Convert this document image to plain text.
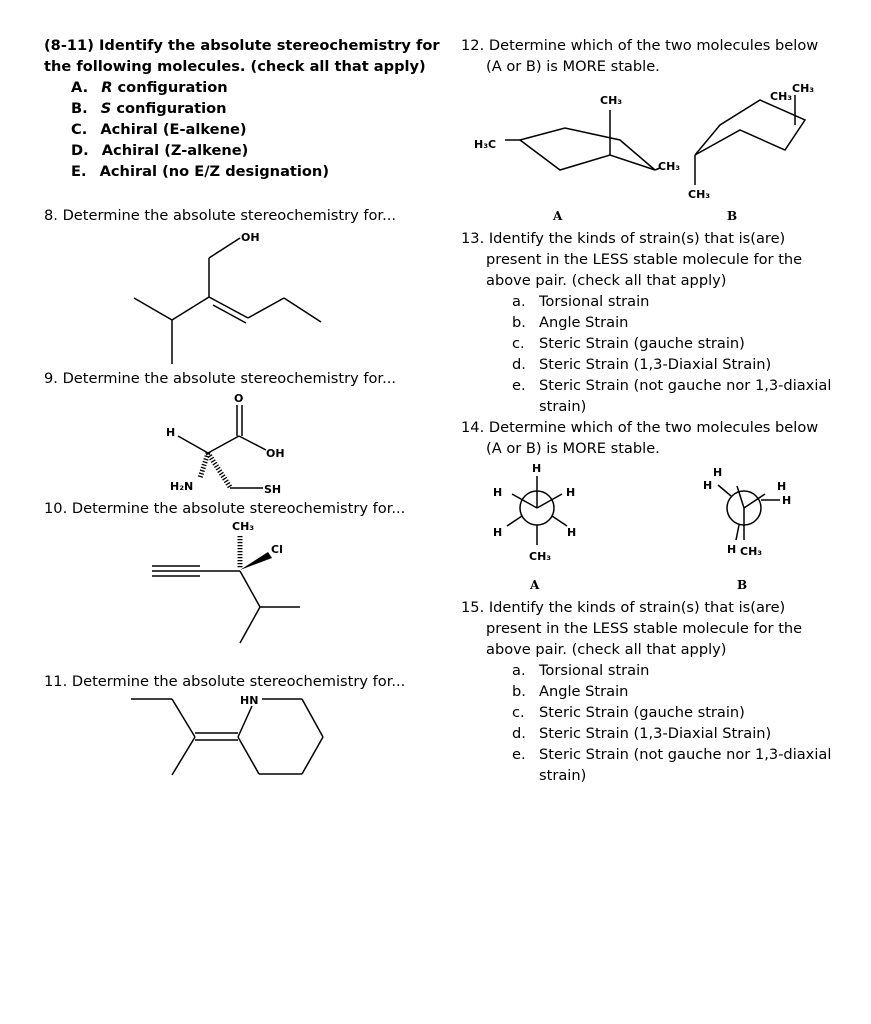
(8-11) Identify the absolute stereochemistry for
the following molecules. (check all that apply)
A. R configuration
B. S configuration
C. Achiral (E-alkene)
D. Achiral (Z-alkene)
E. Achiral (no E/Z designation)
8. Determine the absolute stereochemistry for...
OH
9. Determine the absolute stereochemistry for...
O
OH
H
H₂N	SH
10. Determine the absolute stereochemistry for...
CH₃
Cl
11. Determine the absolute stereochemistry for...
HN
12. Determine which of the two molecules below
(A or B) is MORE stable.
H₃C
CH₃
CH₃
A
CH₃
CH₃
CH₃
B
13. Identify the kinds of strain(s) that is(are)
present in the LESS stable molecule for the
above pair. (check all that apply)
a. Torsional strain
b. Angle Strain
c. Steric Strain (gauche strain)
d. Steric Strain (1,3-Diaxial Strain)
e. Steric Strain (not gauche nor 1,3-diaxial
strain)
14. Determine which of the two molecules below
(A or B) is MORE stable.
H
H	H
H	H
CH₃
A
H
H	H
H
H CH₃
B
15. Identify the kinds of strain(s) that is(are)
present in the LESS stable molecule for the
above pair. (check all that apply)
a. Torsional strain
b. Angle Strain
c. Steric Strain (gauche strain)
d. Steric Strain (1,3-Diaxial Strain)
e. Steric Strain (not gauche nor 1,3-diaxial
strain)
